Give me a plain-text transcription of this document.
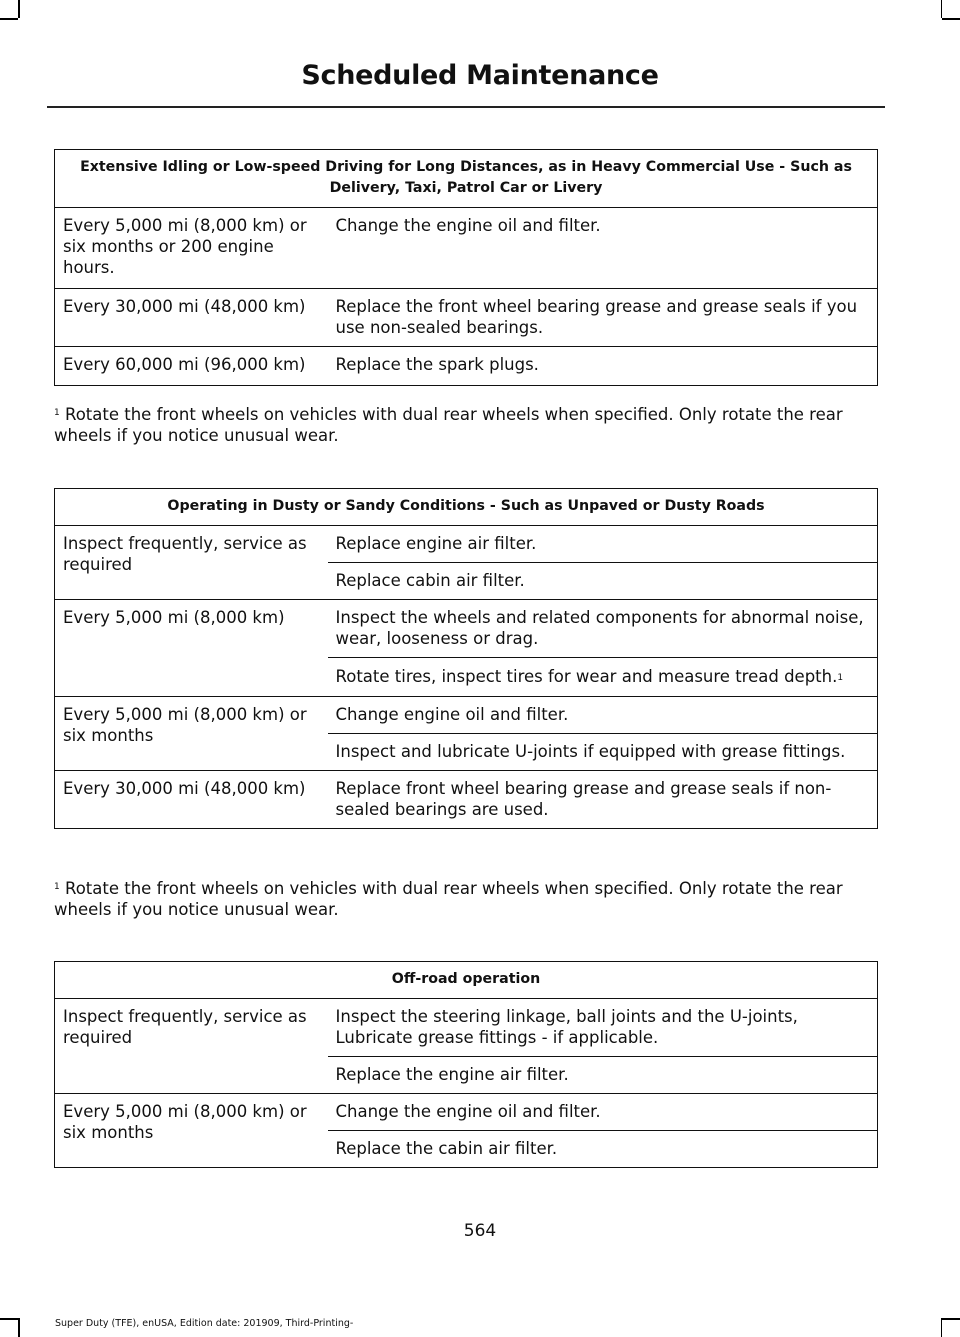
Scheduled Maintenance
Extensive Idling or Low-speed Driving for Long Distances, as in Heavy Commercial Use - Such as Delivery, Taxi, Patrol Car or Livery	
Every 5,000 mi (8,000 km) or six months or 200 engine hours.	Change the engine oil and filter.
Every 30,000 mi (48,000 km)	Replace the front wheel bearing grease and grease seals if you use non-sealed bearings.
Every 60,000 mi (96,000 km)	Replace the spark plugs.
$^1$ Rotate the front wheels on vehicles with dual rear wheels when specified. Only rotate the rear wheels if you notice unusual wear.
Operating in Dusty or Sandy Conditions - Such as Unpaved or Dusty Roads	
Inspect frequently, service as required	Replace engine air filter.
	Replace cabin air filter.
Every 5,000 mi (8,000 km)	Inspect the wheels and related components for abnormal noise, wear, looseness or drag.
	Rotate tires, inspect tires for wear and measure tread depth.$^1$
Every 5,000 mi (8,000 km) or six months	Change engine oil and filter.
	Inspect and lubricate U-joints if equipped with grease fittings.
Every 30,000 mi (48,000 km)	Replace front wheel bearing grease and grease seals if non-sealed bearings are used.
$^1$ Rotate the front wheels on vehicles with dual rear wheels when specified. Only rotate the rear wheels if you notice unusual wear.
Off-road operation	
Inspect frequently, service as required	Inspect the steering linkage, ball joints and the U-joints, Lubricate grease fittings - if applicable.
	Replace the engine air filter.
Every 5,000 mi (8,000 km) or six months	Change the engine oil and filter.
	Replace the cabin air filter.
564
Super Duty (TFE), enUSA, Edition date: 201909, Third-Printing-
